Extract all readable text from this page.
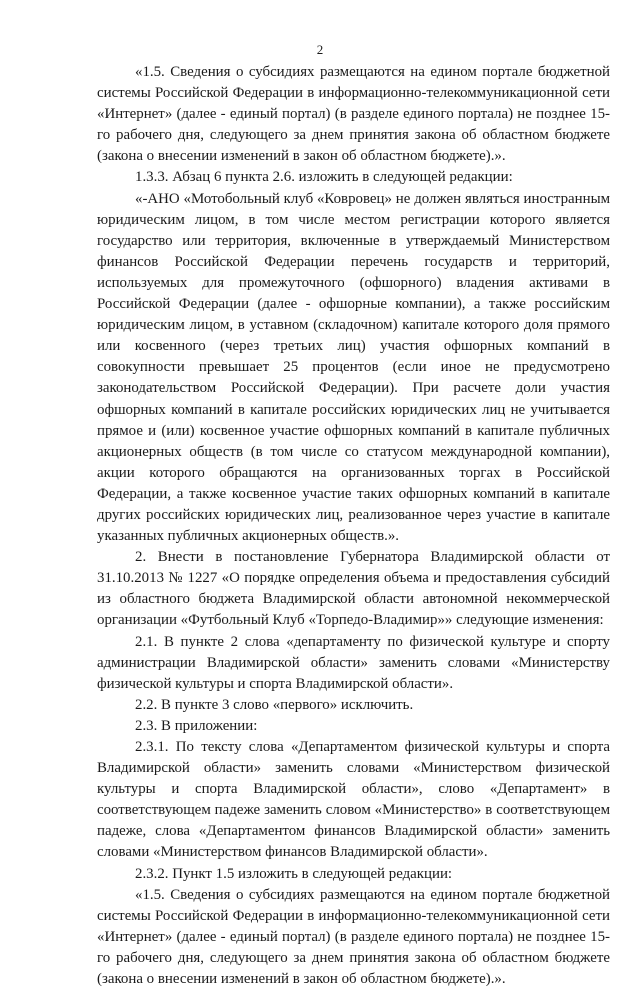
2

«1.5. Сведения о субсидиях размещаются на едином портале бюджетной системы Российской Федерации в информационно-телекоммуникационной сети «Интернет» (далее - единый портал) (в разделе единого портала) не позднее 15-го рабочего дня, следующего за днем принятия закона об областном бюджете (закона о внесении изменений в закон об областном бюджете).».

1.3.3. Абзац 6 пункта 2.6. изложить в следующей редакции:

«-АНО «Мотобольный клуб «Ковровец» не должен являться иностранным юридическим лицом, в том числе местом регистрации которого является государство или территория, включенные в утверждаемый Министерством финансов Российской Федерации перечень государств и территорий, используемых для промежуточного (офшорного) владения активами в Российской Федерации (далее - офшорные компании), а также российским юридическим лицом, в уставном (складочном) капитале которого доля прямого или косвенного (через третьих лиц) участия офшорных компаний в совокупности превышает 25 процентов (если иное не предусмотрено законодательством Российской Федерации). При расчете доли участия офшорных компаний в капитале российских юридических лиц не учитывается прямое и (или) косвенное участие офшорных компаний в капитале публичных акционерных обществ (в том числе со статусом международной компании), акции которого обращаются на организованных торгах в Российской Федерации, а также косвенное участие таких офшорных компаний в капитале других российских юридических лиц, реализованное через участие в капитале указанных публичных акционерных обществ.».

2. Внести в постановление Губернатора Владимирской области от 31.10.2013 № 1227 «О порядке определения объема и предоставления субсидий из областного бюджета Владимирской области автономной некоммерческой организации «Футбольный Клуб «Торпедо-Владимир»» следующие изменения:

2.1. В пункте 2 слова «департаменту по физической культуре и спорту администрации Владимирской области» заменить словами «Министерству физической культуры и спорта Владимирской области».

2.2. В пункте 3 слово «первого» исключить.

2.3. В приложении:

2.3.1. По тексту слова «Департаментом физической культуры и спорта Владимирской области» заменить словами «Министерством физической культуры и спорта Владимирской области», слово «Департамент» в соответствующем падеже заменить словом «Министерство» в соответствующем падеже, слова «Департаментом финансов Владимирской области» заменить словами «Министерством финансов Владимирской области».

2.3.2. Пункт 1.5 изложить в следующей редакции:

«1.5. Сведения о субсидиях размещаются на едином портале бюджетной системы Российской Федерации в информационно-телекоммуникационной сети «Интернет» (далее - единый портал) (в разделе единого портала) не позднее 15-го рабочего дня, следующего за днем принятия закона об областном бюджете (закона о внесении изменений в закон об областном бюджете).».
